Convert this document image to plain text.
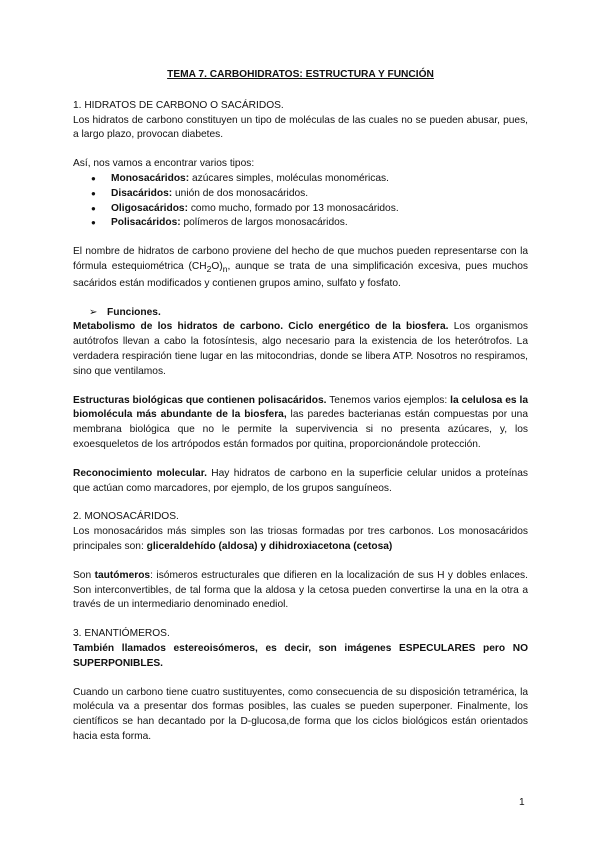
TEMA 7. CARBOHIDRATOS: ESTRUCTURA Y FUNCIÓN
1. HIDRATOS DE CARBONO O SACÁRIDOS.

Los hidratos de carbono constituyen un tipo de moléculas de las cuales no se pueden abusar, pues, a largo plazo, provocan diabetes.

Así, nos vamos a encontrar varios tipos:

● Monosacáridos: azúcares simples, moléculas monoméricas.
● Disacáridos: unión de dos monosacáridos.
● Oligosacáridos: como mucho, formado por 13 monosacáridos.
● Polisacáridos: polímeros de largos monosacáridos.

El nombre de hidratos de carbono proviene del hecho de que muchos pueden representarse con la fórmula estequiométrica $(CH_2O)_n$, aunque se trata de una simplificación excesiva, pues muchos sacáridos están modificados y contienen grupos amino, sulfato y fosfato.

➢ Funciones.

Metabolismo de los hidratos de carbono. Ciclo energético de la biosfera. Los organismos autótrofos llevan a cabo la fotosíntesis, algo necesario para la existencia de los heterótrofos. La verdadera respiración tiene lugar en las mitocondrias, donde se libera ATP. Nosotros no respiramos, sino que ventilamos.

Estructuras biológicas que contienen polisacáridos. Tenemos varios ejemplos: la celulosa es la biomolécula más abundante de la biosfera, las paredes bacterianas están compuestas por una membrana biológica que no le permite la supervivencia si no presenta azúcares, y, los exoesqueletos de los artrópodos están formados por quitina, proporcionándole protección.

Reconocimiento molecular. Hay hidratos de carbono en la superficie celular unidos a proteínas que actúan como marcadores, por ejemplo, de los grupos sanguíneos.

2. MONOSACÁRIDOS.

Los monosacáridos más simples son las triosas formadas por tres carbonos. Los monosacáridos principales son: gliceraldehído (aldosa) y dihidroxiacetona (cetosa)

Son tautómeros: isómeros estructurales que difieren en la localización de sus H y dobles enlaces. Son interconvertibles, de tal forma que la aldosa y la cetosa pueden convertirse la una en la otra a través de un intermediario denominado enediol.

3. ENANTIÓMEROS.

También llamados estereoisómeros, es decir, son imágenes ESPECULARES pero NO SUPERPONIBLES.

Cuando un carbono tiene cuatro sustituyentes, como consecuencia de su disposición tetramérica, la molécula va a presentar dos formas posibles, las cuales se pueden superponer. Finalmente, los científicos se han decantado por la D-glucosa,de forma que los ciclos biológicos están orientados hacia esta forma.

1
